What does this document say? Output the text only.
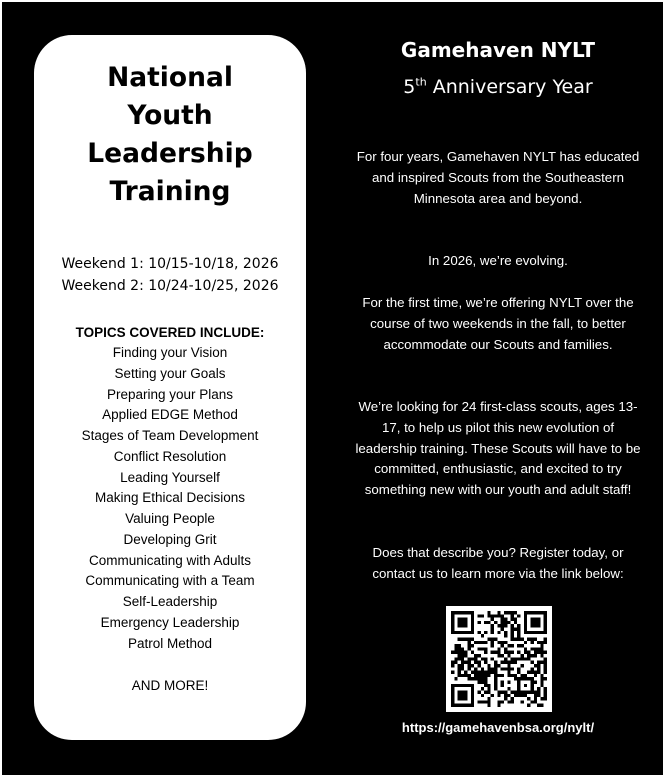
National
Youth
Leadership
Training
Weekend 1: 10/15-10/18, 2026
Weekend 2: 10/24-10/25, 2026
TOPICS COVERED INCLUDE:
Finding your Vision
Setting your Goals
Preparing your Plans
Applied EDGE Method
Stages of Team Development
Conflict Resolution
Leading Yourself
Making Ethical Decisions
Valuing People
Developing Grit
Communicating with Adults
Communicating with a Team
Self-Leadership
Emergency Leadership
Patrol Method
AND MORE!
Gamehaven NYLT
5th Anniversary Year

For four years, Gamehaven NYLT has educated and inspired Scouts from the Southeastern Minnesota area and beyond.

In 2026, we’re evolving.

For the first time, we’re offering NYLT over the course of two weekends in the fall, to better accommodate our Scouts and families.

We’re looking for 24 first-class scouts, ages 13-17, to help us pilot this new evolution of leadership training. These Scouts will have to be committed, enthusiastic, and excited to try something new with our youth and adult staff!

Does that describe you? Register today, or contact us to learn more via the link below:

https://gamehavenbsa.org/nylt/
